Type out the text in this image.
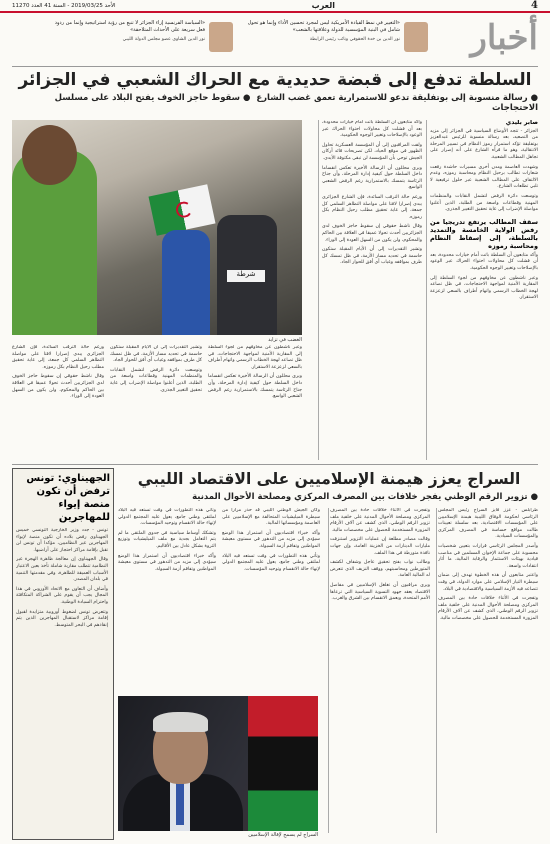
4
العرب
الأحد 2019/03/25 - السنة 41 العدد 11270
أخبار
«التغيير في نمط القيادة الأمريكية ليس لمجرد تحسين الأداء وإنما هو تحول شامل في البنية المؤسسية للدولة وعلاقتها بالشعب»
نور الدين بن خدة الحقوقي ونائب رئيس الرابطة
«السياسة الفرنسية إزاء الجزائر لا تنبع من رؤية استراتيجية وإنما من ردود فعل سريعة على الأحداث المتلاحقة»
نور الدين الشاوي عضو مجلس الدولة الليبي
السلطة تدفع إلى قبضة حديدية مع الحراك الشعبي في الجزائر
● رسالة منسوبة إلى بوتفليقة تدعو للاستمرارية تعمق غضب الشارع  ● سقوط حاجز الخوف يفتح البلاد على مسلسل الاحتجاجات
شرطة
الغضب في تزايد
صابر بليدي

الجزائر - تتجه الأوضاع السياسية في الجزائر إلى مزيد من التصعيد، بعد رسالة منسوبة للرئيس عبدالعزيز بوتفليقة تؤكد استمرار رموز النظام في تسيير المرحلة الانتقالية، وهو ما قرأه الشارع على أنه إصرار على تجاهل المطالب الشعبية.

وشهدت العاصمة ومدن أخرى مسيرات حاشدة رفعت شعارات تطالب برحيل النظام ومحاسبة رموزه، وعدم الالتفاف على المطالب الشعبية عبر حلول ترقيعية لا تلبي تطلعات الشارع.

وتوسعت دائرة الرفض لتشمل النقابات والمنظمات المهنية وقطاعات واسعة من الطلبة، الذين أعلنوا مواصلة الإضراب إلى غاية تحقيق التغيير الجذري.

سقف المطالب يرتفع تدريجيا من رفض الولاية الخامسة والتمديد بالسلطة، إلى إسقاط النظام ومحاسبة رموزه

وأكد متابعون أن السلطة باتت أمام خيارات محدودة، بعد أن فشلت كل محاولات احتواء الحراك عبر الوعود بالإصلاحات وتغيير الوجوه الحكومية.

وعبر ناشطون عن مخاوفهم من لجوء السلطة إلى المقاربة الأمنية لمواجهة الاحتجاجات، في ظل تصاعد لهجة الخطاب الرسمي واتهام أطراف بالسعي لزعزعة الاستقرار.

وأكد متابعون أن السلطة باتت أمام خيارات محدودة، بعد أن فشلت كل محاولات احتواء الحراك عبر الوعود بالإصلاحات وتغيير الوجوه الحكومية.

ولفت المراقبون إلى أن المؤسسة العسكرية تحاول الظهور في موقع الحياد، لكن تصريحات قائد أركان الجيش توحي بأن المؤسسة لن تبقى مكتوفة الأيدي.

ويرى محللون أن الرسالة الأخيرة تعكس انقساما داخل السلطة حول كيفية إدارة المرحلة، وأن جناح الرئاسة يتمسك بالاستمرارية رغم الرفض الشعبي الواسع.

ورغم حالة الترقب السائدة، فإن الشارع الجزائري يبدي إصرارا لافتا على مواصلة التظاهر السلمي كل جمعة، إلى غاية تحقيق مطلب رحيل النظام بكل رموزه.

وقال ناشط حقوقي إن سقوط حاجز الخوف لدى الجزائريين أحدث تحولا عميقا في العلاقة بين الحاكم والمحكوم، ولن يكون من السهل العودة إلى الوراء.

وتشير التقديرات إلى أن الأيام المقبلة ستكون حاسمة في تحديد مسار الأزمة، في ظل تمسك كل طرف بمواقفه وغياب أي أفق للحوار الجاد.

ورغم حالة الترقب السائدة، فإن الشارع الجزائري يبدي إصرارا لافتا على مواصلة التظاهر السلمي كل جمعة، إلى غاية تحقيق مطلب رحيل النظام بكل رموزه.

وقال ناشط حقوقي إن سقوط حاجز الخوف لدى الجزائريين أحدث تحولا عميقا في العلاقة بين الحاكم والمحكوم، ولن يكون من السهل العودة إلى الوراء.

وتشير التقديرات إلى أن الأيام المقبلة ستكون حاسمة في تحديد مسار الأزمة، في ظل تمسك كل طرف بمواقفه وغياب أي أفق للحوار الجاد.

وتوسعت دائرة الرفض لتشمل النقابات والمنظمات المهنية وقطاعات واسعة من الطلبة، الذين أعلنوا مواصلة الإضراب إلى غاية تحقيق التغيير الجذري.

وعبر ناشطون عن مخاوفهم من لجوء السلطة إلى المقاربة الأمنية لمواجهة الاحتجاجات، في ظل تصاعد لهجة الخطاب الرسمي واتهام أطراف بالسعي لزعزعة الاستقرار.

ويرى محللون أن الرسالة الأخيرة تعكس انقساما داخل السلطة حول كيفية إدارة المرحلة، وأن جناح الرئاسة يتمسك بالاستمرارية رغم الرفض الشعبي الواسع.

الجهيناوي: تونس ترفض أن تكون منصة إيواء للمهاجرين

تونس - جدد وزير الخارجية التونسي خميس الجهيناوي رفض بلاده أن تكون منصة لإيواء المهاجرين غير النظاميين، مؤكدا أن تونس لن تقبل بإقامة مراكز احتجاز على أراضيها.

وقال الجهيناوي إن معالجة ظاهرة الهجرة غير النظامية تتطلب مقاربة شاملة تأخذ بعين الاعتبار الأسباب العميقة للظاهرة، وفي مقدمتها التنمية في بلدان المصدر.

وأضاف أن التعاون مع الاتحاد الأوروبي في هذا المجال يجب أن يقوم على الشراكة المتكافئة واحترام السيادة الوطنية.

وتتعرض تونس لضغوط أوروبية متزايدة لقبول إقامة مراكز لاستقبال المهاجرين الذين يتم إنقاذهم في البحر المتوسط.

السراج يعزز هيمنة الإسلاميين على الاقتصاد الليبي
● تزوير الرقم الوطني يفجر خلافات بين المصرف المركزي ومصلحة الأحوال المدنية

طرابلس - عزز فايز السراج رئيس المجلس الرئاسي لحكومة الوفاق الليبية هيمنة الإسلاميين على المؤسسات الاقتصادية، بعد سلسلة تعيينات طالت مواقع حساسة في المصرف المركزي والمؤسسات السيادية.

وأصدر المجلس الرئاسي قرارات بتعيين شخصيات محسوبة على جماعة الإخوان المسلمين في مناصب قيادية بهيئات الاستثمار والرقابة المالية، ما أثار انتقادات واسعة.

واعتبر متابعون أن هذه الخطوة تهدف إلى ضمان سيطرة التيار الإسلامي على موارد الدولة، في وقت تتصاعد فيه الأزمة السياسية والاقتصادية في البلاد.

وتفجرت في الأثناء خلافات حادة بين المصرف المركزي ومصلحة الأحوال المدنية على خلفية ملف تزوير الرقم الوطني، الذي كشف عن آلاف الأرقام المزورة المستخدمة للحصول على مخصصات مالية.

وتفجرت في الأثناء خلافات حادة بين المصرف المركزي ومصلحة الأحوال المدنية على خلفية ملف تزوير الرقم الوطني، الذي كشف عن آلاف الأرقام المزورة المستخدمة للحصول على مخصصات مالية.

وقالت مصادر مطلعة إن عمليات التزوير استنزفت مليارات الدينارات من الخزينة العامة، وإن جهات نافذة متورطة في هذا الملف.

وطالب نواب بفتح تحقيق عاجل وشفاف لكشف المتورطين ومحاسبتهم، ووقف النزيف الذي تتعرض له المالية العامة.

ويرى مراقبون أن تغلغل الإسلاميين في مفاصل الاقتصاد يعقد جهود التسوية السياسية التي ترعاها الأمم المتحدة، ويعمق الانقسام بين الشرق والغرب.

وتأتي هذه التطورات في وقت تستعد فيه البلاد لملتقى وطني جامع، يعول عليه المجتمع الدولي لإنهاء حالة الانقسام وتوحيد المؤسسات.

وتشكك أوساط سياسية في جدوى الملتقى ما لم يتم التعامل بجدية مع ملف الميليشيات وتوزيع الثروة بشكل عادل بين الأقاليم.

وأكد خبراء اقتصاديون أن استمرار هذا الوضع سيؤدي إلى مزيد من التدهور في مستوى معيشة المواطنين وتفاقم أزمة السيولة.

وكان الجيش الوطني الليبي قد حذر مرارا من سيطرة الميليشيات المتحالفة مع الإسلاميين على العاصمة ومؤسساتها المالية.

وأكد خبراء اقتصاديون أن استمرار هذا الوضع سيؤدي إلى مزيد من التدهور في مستوى معيشة المواطنين وتفاقم أزمة السيولة.

وتأتي هذه التطورات في وقت تستعد فيه البلاد لملتقى وطني جامع، يعول عليه المجتمع الدولي لإنهاء حالة الانقسام وتوحيد المؤسسات.

السراج لم يسمح لإقالة الإسلاميين
